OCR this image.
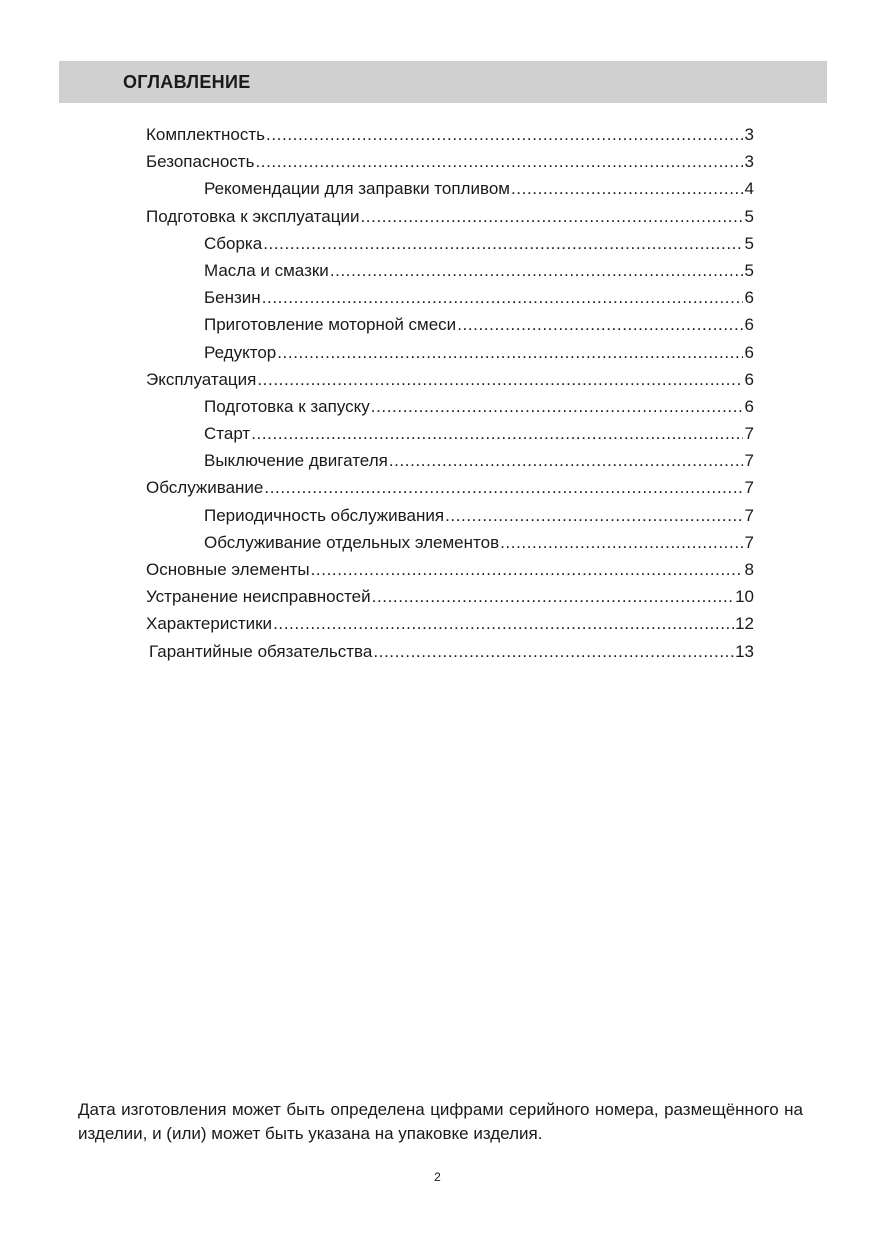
ОГЛАВЛЕНИЕ
Комплектность .....	3
Безопасность .....	3
Рекомендации для заправки топливом .....	4
Подготовка к эксплуатации .....	5
Сборка .....	5
Масла и смазки .....	5
Бензин .....	6
Приготовление моторной смеси .....	6
Редуктор .....	6
Эксплуатация .....	6
Подготовка к запуску .....	6
Старт .....	7
Выключение двигателя .....	7
Обслуживание .....	7
Периодичность обслуживания .....	7
Обслуживание отдельных элементов .....	7
Основные элементы .....	8
Устранение неисправностей .....	10
Характеристики .....	12
Гарантийные обязательства .....	13

Дата изготовления может быть определена цифрами серийного номера, размещённого на изделии, и (или) может быть указана на упаковке изделия.

2
